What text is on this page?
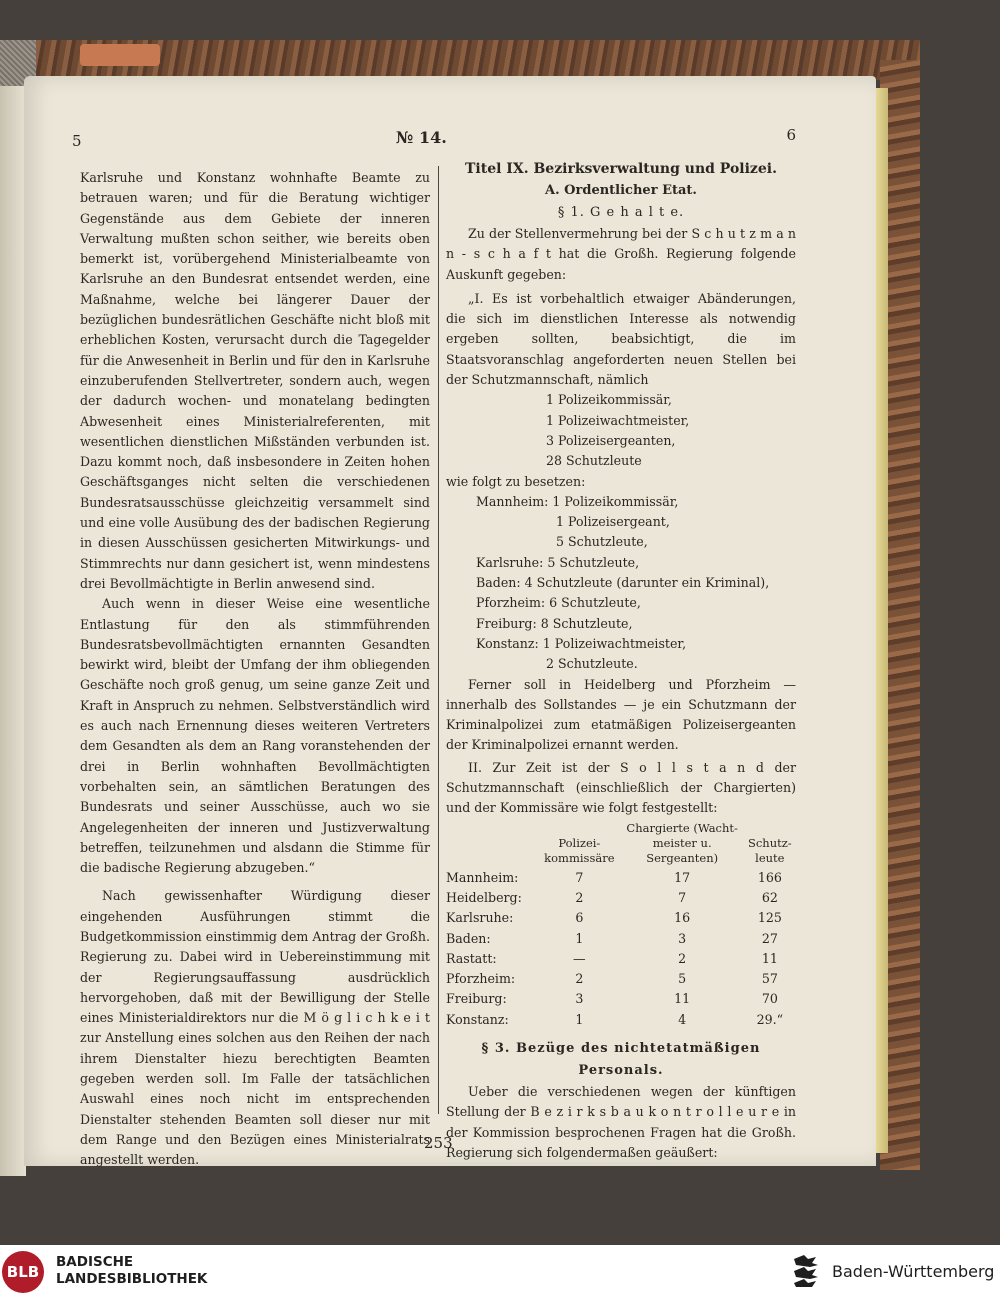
5	№ 14.	6

Karlsruhe und Konstanz wohnhafte Beamte zu betrauen waren; und für die Beratung wichtiger Gegenstände aus dem Gebiete der inneren Verwaltung mußten schon seither, wie bereits oben bemerkt ist, vorübergehend Ministerialbeamte von Karlsruhe an den Bundesrat entsendet werden, eine Maßnahme, welche bei längerer Dauer der bezüglichen bundesrätlichen Geschäfte nicht bloß mit erheblichen Kosten, verursacht durch die Tagegelder für die Anwesenheit in Berlin und für den in Karlsruhe einzuberufenden Stellvertreter, sondern auch, wegen der dadurch wochen- und monatelang bedingten Abwesenheit eines Ministerialreferenten, mit wesentlichen dienstlichen Mißständen verbunden ist. Dazu kommt noch, daß insbesondere in Zeiten hohen Geschäftsganges nicht selten die verschiedenen Bundesratsausschüsse gleichzeitig versammelt sind und eine volle Ausübung des der badischen Regierung in diesen Ausschüssen gesicherten Mitwirkungs- und Stimmrechts nur dann gesichert ist, wenn mindestens drei Bevollmächtigte in Berlin anwesend sind.

Auch wenn in dieser Weise eine wesentliche Entlastung für den als stimmführenden Bundesratsbevollmächtigten ernannten Gesandten bewirkt wird, bleibt der Umfang der ihm obliegenden Geschäfte noch groß genug, um seine ganze Zeit und Kraft in Anspruch zu nehmen. Selbstverständlich wird es auch nach Ernennung dieses weiteren Vertreters dem Gesandten als dem an Rang voranstehenden der drei in Berlin wohnhaften Bevollmächtigten vorbehalten sein, an sämtlichen Beratungen des Bundesrats und seiner Ausschüsse, auch wo sie Angelegenheiten der inneren und Justizverwaltung betreffen, teilzunehmen und alsdann die Stimme für die badische Regierung abzugeben.“

Nach gewissenhafter Würdigung dieser eingehenden Ausführungen stimmt die Budgetkommission einstimmig dem Antrag der Großh. Regierung zu. Dabei wird in Uebereinstimmung mit der Regierungsauffassung ausdrücklich hervorgehoben, daß mit der Bewilligung der Stelle eines Ministerialdirektors nur die M ö g l i c h k e i t zur Anstellung eines solchen aus den Reihen der nach ihrem Dienstalter hiezu berechtigten Beamten gegeben werden soll. Im Falle der tatsächlichen Auswahl eines noch nicht im entsprechenden Dienstalter stehenden Beamten soll dieser nur mit dem Range und den Bezügen eines Ministerialrats angestellt werden.

Titel IX. Bezirksverwaltung und Polizei.
A. Ordentlicher Etat.
§ 1. G e h a l t e.

Zu der Stellenvermehrung bei der S c h u t z m a n n - s c h a f t hat die Großh. Regierung folgende Auskunft gegeben:

„I. Es ist vorbehaltlich etwaiger Abänderungen, die sich im dienstlichen Interesse als notwendig ergeben sollten, beabsichtigt, die im Staatsvoranschlag angeforderten neuen Stellen bei der Schutzmannschaft, nämlich

1 Polizeikommissär,
1 Polizeiwachtmeister,
3 Polizeisergeanten,
28 Schutzleute

wie folgt zu besetzen:

Mannheim: 1 Polizeikommissär,
1 Polizeisergeant,
5 Schutzleute,
Karlsruhe: 5 Schutzleute,
Baden: 4 Schutzleute (darunter ein Kriminal),
Pforzheim: 6 Schutzleute,
Freiburg: 8 Schutzleute,
Konstanz: 1 Polizeiwachtmeister,
2 Schutzleute.

Ferner soll in Heidelberg und Pforzheim — innerhalb des Sollstandes — je ein Schutzmann der Kriminalpolizei zum etatmäßigen Polizeisergeanten der Kriminalpolizei ernannt werden.

II. Zur Zeit ist der S o l l s t a n d der Schutzmannschaft (einschließlich der Chargierten) und der Kommissäre wie folgt festgestellt:

	Polizei-kommissäre	Chargierte (Wacht-meister u. Sergeanten)	Schutz-leute
Mannheim:	7	17	166
Heidelberg:	2	7	62
Karlsruhe:	6	16	125
Baden:	1	3	27
Rastatt:	—	2	11
Pforzheim:	2	5	57
Freiburg:	3	11	70
Konstanz:	1	4	29.“
§ 3. Bezüge des nichtetatmäßigen Personals.

Ueber die verschiedenen wegen der künftigen Stellung der B e z i r k s b a u k o n t r o l l e u r e in der Kommission besprochenen Fragen hat die Großh. Regierung sich folgendermaßen geäußert:

253
BLB
BADISCHE
LANDESBIBLIOTHEK	Baden-Württemberg
